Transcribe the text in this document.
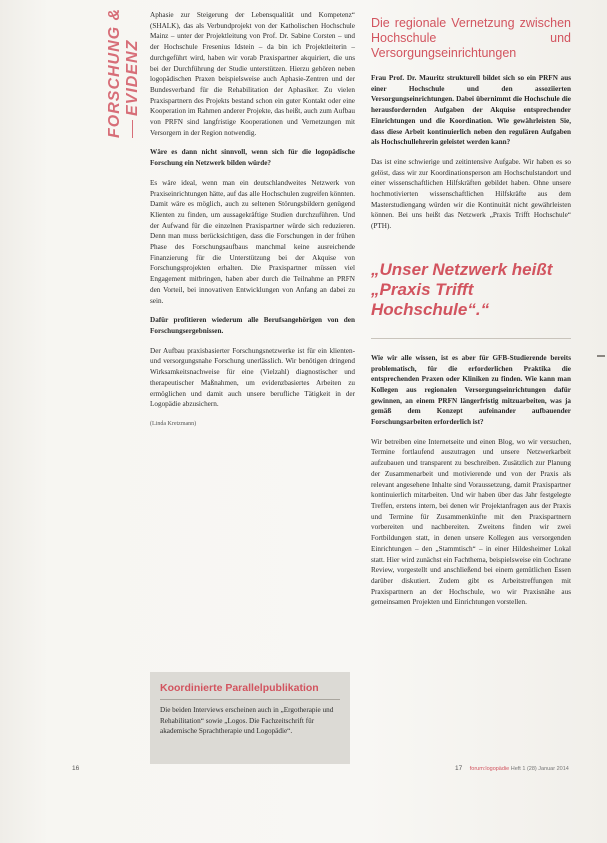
FORSCHUNG & EVIDENZ

Aphasie zur Steigerung der Lebensqualität und Kompetenz“ (SHALK), das als Verbundprojekt von der Katholischen Hochschule Mainz – unter der Projektleitung von Prof. Dr. Sabine Corsten – und der Hochschule Fresenius Idstein – da bin ich Projektleiterin – durchgeführt wird, haben wir vorab Praxispartner akquiriert, die uns bei der Durchführung der Studie unterstützen. Hierzu gehören neben logopädischen Praxen beispielsweise auch Aphasie-Zentren und der Bundesverband für die Rehabilitation der Aphasiker. Zu vielen Praxispartnern des Projekts bestand schon ein guter Kontakt oder eine Kooperation im Rahmen anderer Projekte, das heißt, auch zum Aufbau von PRFN sind langfristige Kooperationen und Vernetzungen mit Versorgern in der Region notwendig.

Wäre es dann nicht sinnvoll, wenn sich für die logopädische Forschung ein Netzwerk bilden würde?

Es wäre ideal, wenn man ein deutschlandweites Netzwerk von Praxiseinrichtungen hätte, auf das alle Hochschulen zugreifen könnten. Damit wäre es möglich, auch zu seltenen Störungsbildern genügend Klienten zu finden, um aussagekräftige Studien durchzuführen. Und der Aufwand für die einzelnen Praxispartner würde sich reduzieren. Denn man muss berücksichtigen, dass die Forschungen in der frühen Phase des Forschungsaufbaus manchmal keine ausreichende Finanzierung für die Unterstützung bei der Akquise von Forschungsprojekten erhalten. Die Praxispartner müssen viel Engagement mitbringen, haben aber durch die Teilnahme an PRFN den Vorteil, bei innovativen Entwicklungen von Anfang an dabei zu sein.

Dafür profitieren wiederum alle Berufsangehörigen von den Forschungsergebnissen.

Der Aufbau praxisbasierter Forschungsnetzwerke ist für ein klienten- und versorgungsnahe Forschung unerlässlich. Wir benötigen dringend Wirksamkeitsnachweise für eine (Vielzahl) diagnostischer und therapeutischer Maßnahmen, um evidenzbasiertes Arbeiten zu ermöglichen und damit auch unsere berufliche Tätigkeit in der Logopädie abzusichern.

(Linda Kretzmann)

Koordinierte Parallelpublikation

Die beiden Interviews erscheinen auch in „Ergotherapie und Rehabilitation“ sowie „Logos. Die Fachzeitschrift für akademische Sprachtherapie und Logopädie“.

Die regionale Vernetzung zwischen Hochschule und Versorgungseinrichtungen

Frau Prof. Dr. Mauritz strukturell bildet sich so ein PRFN aus einer Hochschule und den assoziierten Versorgungseinrichtungen. Dabei übernimmt die Hochschule die herausfordernden Aufgaben der Akquise entsprechender Einrichtungen und die Koordination. Wie gewährleisten Sie, dass diese Arbeit kontinuierlich neben den regulären Aufgaben als Hochschullehrerin geleistet werden kann?

Das ist eine schwierige und zeitintensive Aufgabe. Wir haben es so gelöst, dass wir zur Koordinationsperson am Hochschulstandort und einer wissenschaftlichen Hilfskräften gebildet haben. Ohne unsere hochmotivierten wissenschaftlichen Hilfskräfte aus dem Masterstudiengang würden wir die Kontinuität nicht gewährleisten können. Bei uns heißt das Netzwerk „Praxis Trifft Hochschule“ (PTH).

„Unser Netzwerk heißt „Praxis Trifft Hochschule“.“

Wie wir alle wissen, ist es aber für GFB-Studierende bereits problematisch, für die erforderlichen Praktika die entsprechenden Praxen oder Kliniken zu finden. Wie kann man Kollegen aus regionalen Versorgungseinrichtungen dafür gewinnen, an einem PRFN längerfristig mitzuarbeiten, was ja gemäß dem Konzept aufeinander aufbauender Forschungsarbeiten erforderlich ist?

Wir betreiben eine Internetseite und einen Blog, wo wir versuchen, Termine fortlaufend auszutragen und unsere Netzwerkarbeit aufzubauen und transparent zu beschreiben. Zusätzlich zur Planung der Zusammenarbeit und motivierende und von der Praxis als relevant angesehene Inhalte sind Voraussetzung, damit Praxispartner kontinuierlich mitarbeiten. Und wir haben über das Jahr festgelegte Treffen, erstens intern, bei denen wir Projektanfragen aus der Praxis und Termine für Zusammenkünfte mit den Praxispartnern vorbereiten und nachbereiten. Zweitens finden wir zwei Fortbildungen statt, in denen unsere Kollegen aus versorgenden Einrichtungen – den „Stammtisch“ – in einer Hildesheimer Lokal statt. Hier wird zunächst ein Fachthema, beispielsweise ein Cochrane Review, vorgestellt und anschließend bei einem gemütlichen Essen darüber diskutiert. Zudem gibt es Arbeitstreffungen mit Praxispartnern an der Hochschule, wo wir Praxisnähe aus gemeinsamen Projekten und Einrichtungen vorstellen.

16	17 forum:logopädie Heft 1 (28) Januar 2014
